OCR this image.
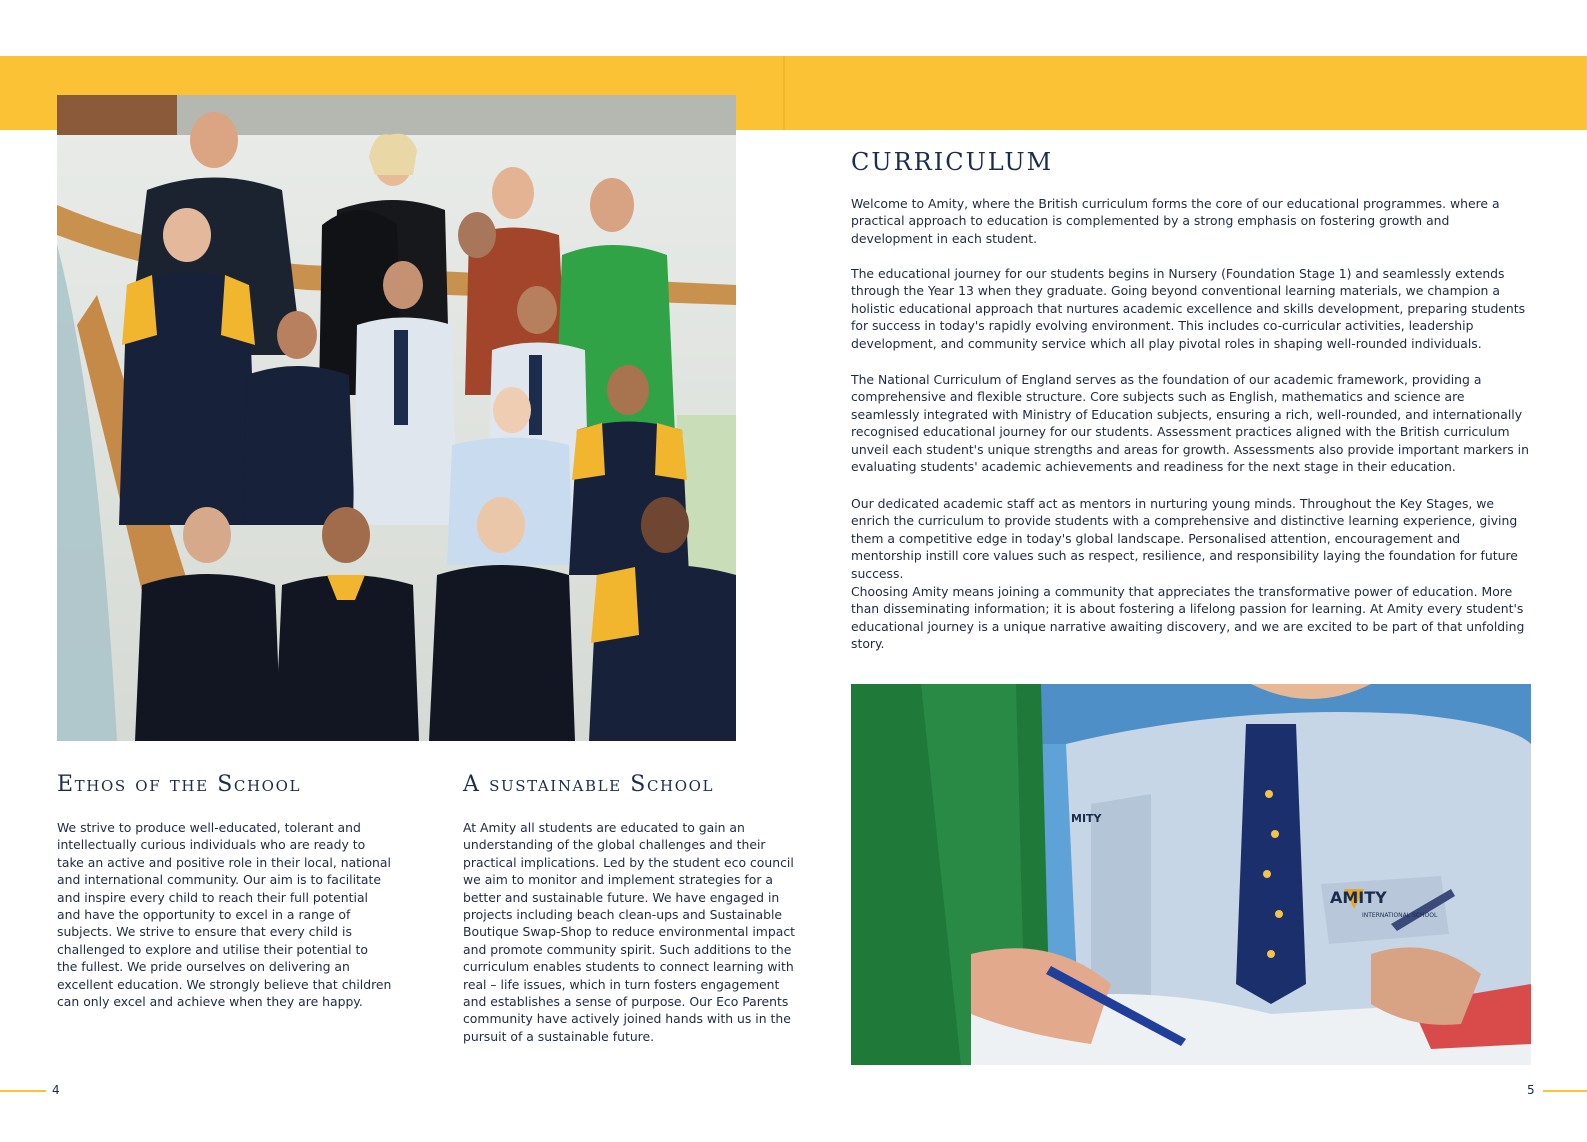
AMITY
INTERNATIONAL SCHOOL
MITY
CURRICULUM

Welcome to Amity, where the British curriculum forms the core of our educational programmes. where a practical approach to education is complemented by a strong emphasis on fostering growth and development in each student.

The educational journey for our students begins in Nursery (Foundation Stage 1) and seamlessly extends through the Year 13 when they graduate. Going beyond conventional learning materials, we champion a holistic educational approach that nurtures academic excellence and skills development, preparing students for success in today's rapidly evolving environment. This includes co-curricular activities, leadership development, and community service which all play pivotal roles in shaping well-rounded individuals.

The National Curriculum of England serves as the foundation of our academic framework, providing a comprehensive and flexible structure. Core subjects such as English, mathematics and science are seamlessly integrated with Ministry of Education subjects, ensuring a rich, well-rounded, and internationally recognised educational journey for our students. Assessment practices aligned with the British curriculum unveil each student's unique strengths and areas for growth. Assessments also provide important markers in evaluating students' academic achievements and readiness for the next stage in their education.

Our dedicated academic staff act as mentors in nurturing young minds. Throughout the Key Stages, we enrich the curriculum to provide students with a comprehensive and distinctive learning experience, giving them a competitive edge in today's global landscape. Personalised attention, encouragement and mentorship instill core values such as respect, resilience, and responsibility laying the foundation for future success.

Choosing Amity means joining a community that appreciates the transformative power of education. More than disseminating information; it is about fostering a lifelong passion for learning. At Amity every student's educational journey is a unique narrative awaiting discovery, and we are excited to be part of that unfolding story.

Ethos of the School

We strive to produce well-educated, tolerant and intellectually curious individuals who are ready to take an active and positive role in their local, national and international community. Our aim is to facilitate and inspire every child to reach their full potential and have the opportunity to excel in a range of subjects. We strive to ensure that every child is challenged to explore and utilise their potential to the fullest. We pride ourselves on delivering an excellent education. We strongly believe that children can only excel and achieve when they are happy.

A sustainable School

At Amity all students are educated to gain an understanding of the global challenges and their practical implications. Led by the student eco council we aim to monitor and implement strategies for a better and sustainable future. We have engaged in projects including beach clean-ups and Sustainable Boutique Swap-Shop to reduce environmental impact and promote community spirit. Such additions to the curriculum enables students to connect learning with real – life issues, which in turn fosters engagement and establishes a sense of purpose. Our Eco Parents community have actively joined hands with us in the pursuit of a sustainable future.

4	5
